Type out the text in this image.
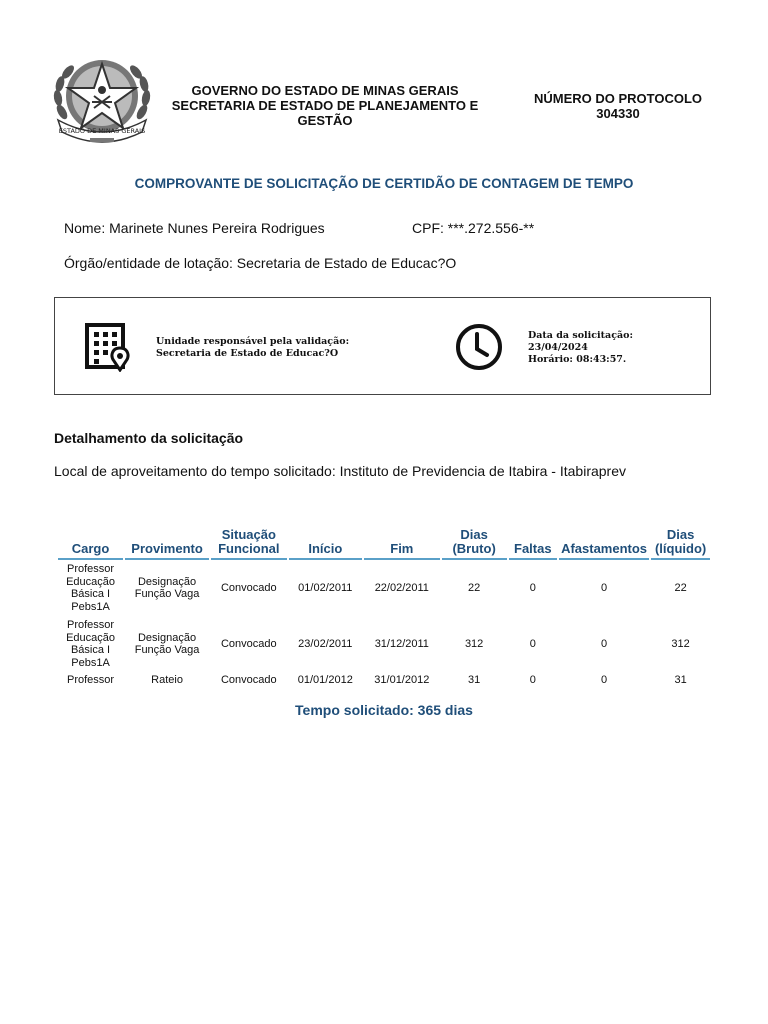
ESTADO DE MINAS GERAIS
GOVERNO DO ESTADO DE MINAS GERAIS
SECRETARIA DE ESTADO DE PLANEJAMENTO E GESTÃO
NÚMERO DO PROTOCOLO
304330
COMPROVANTE DE SOLICITAÇÃO DE CERTIDÃO DE CONTAGEM DE TEMPO
Nome: Marinete Nunes Pereira Rodrigues	CPF: ***.272.556-**
Órgão/entidade de lotação: Secretaria de Estado de Educac?O
Unidade responsável pela validação:
Secretaria de Estado de Educac?O
Data da solicitação:
23/04/2024
Horário: 08:43:57.
Detalhamento da solicitação
Local de aproveitamento do tempo solicitado: Instituto de Previdencia de Itabira - Itabiraprev
Cargo	Provimento	Situação Funcional	Início	Fim	Dias (Bruto)	Faltas	Afastamentos	Dias (líquido)
Professor Educação Básica I Pebs1A	Designação Função Vaga	Convocado	01/02/2011	22/02/2011	22	0	0	22
Professor Educação Básica I Pebs1A	Designação Função Vaga	Convocado	23/02/2011	31/12/2011	312	0	0	312
Professor	Rateio	Convocado	01/01/2012	31/01/2012	31	0	0	31
Tempo solicitado: 365 dias
